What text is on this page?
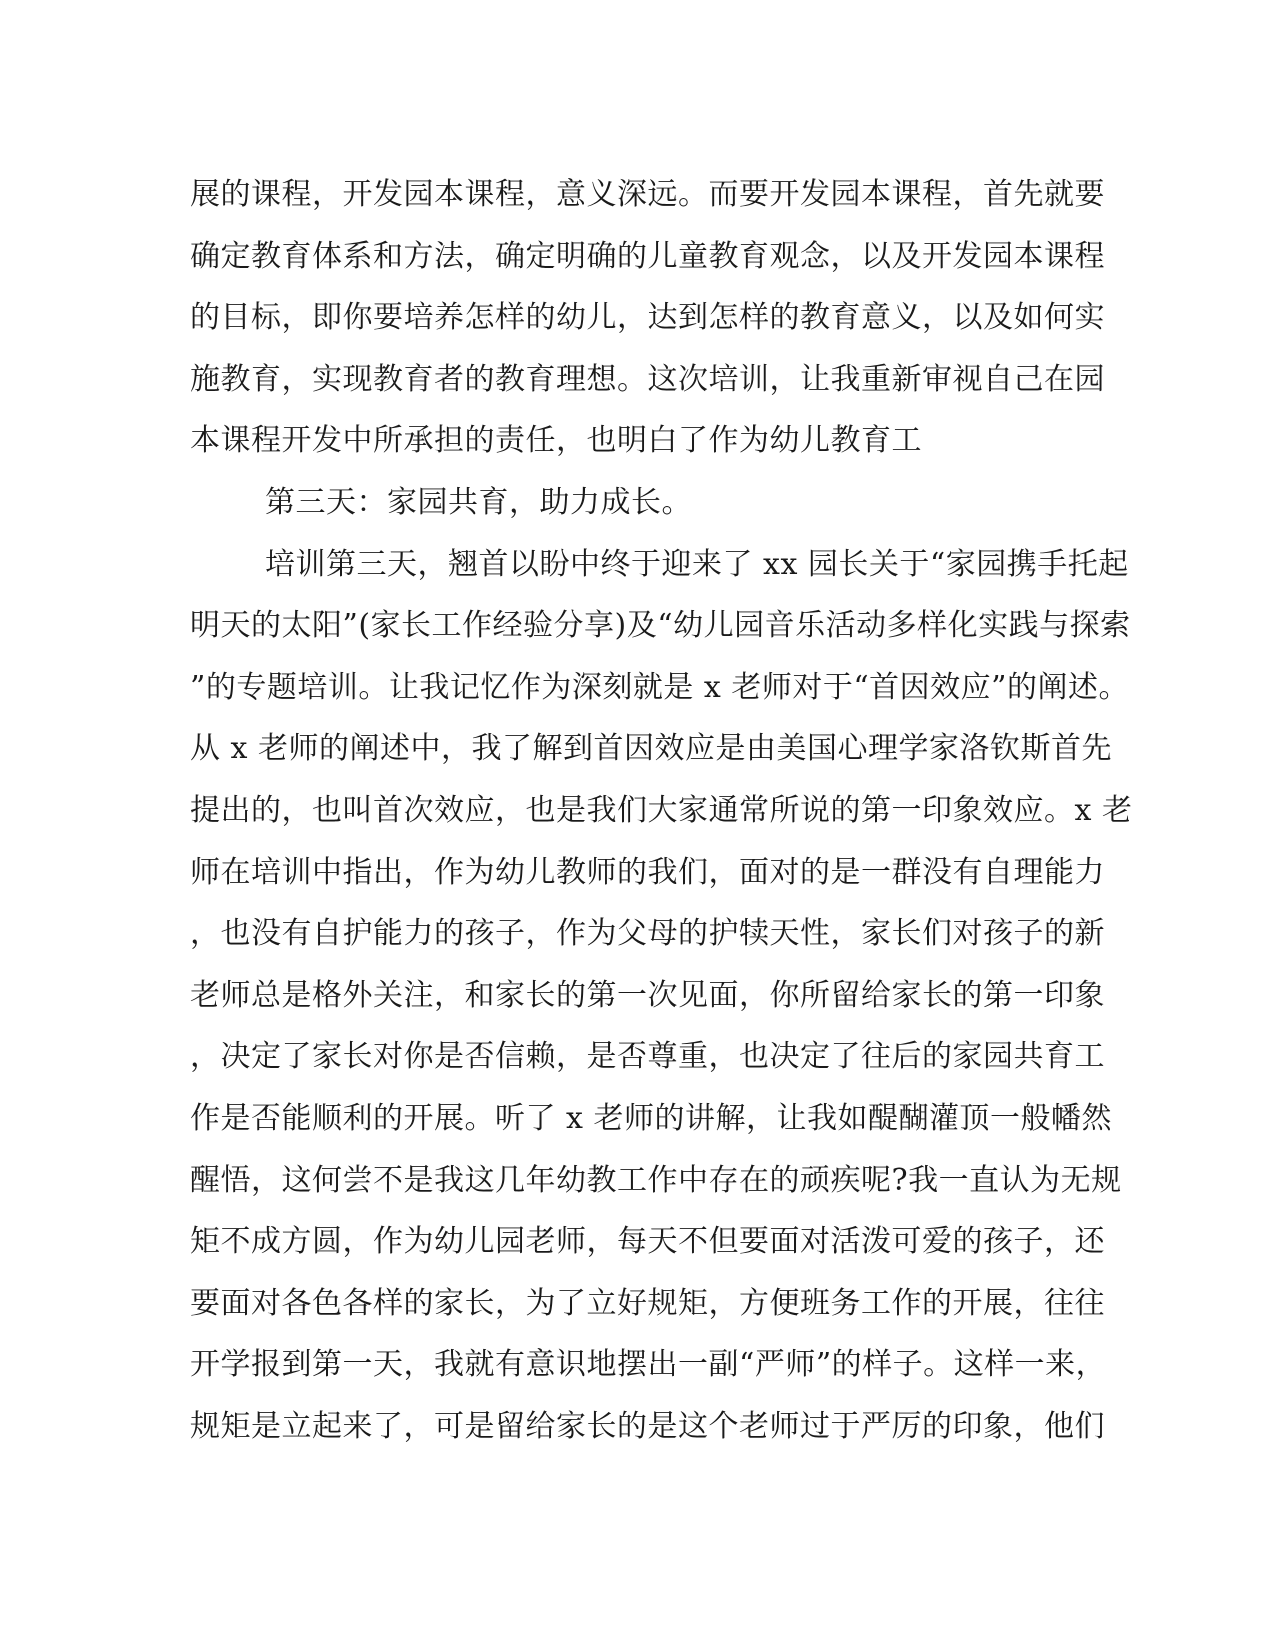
展的课程，开发园本课程，意义深远。而要开发园本课程，首先就要
确定教育体系和方法，确定明确的儿童教育观念，以及开发园本课程
的目标，即你要培养怎样的幼儿，达到怎样的教育意义，以及如何实
施教育，实现教育者的教育理想。这次培训，让我重新审视自己在园
本课程开发中所承担的责任，也明白了作为幼儿教育工
第三天：家园共育，助力成长。
培训第三天，翘首以盼中终于迎来了 xx 园长关于“家园携手托起
明天的太阳”(家长工作经验分享)及“幼儿园音乐活动多样化实践与探索
”的专题培训。让我记忆作为深刻就是 x 老师对于“首因效应”的阐述。
从 x 老师的阐述中，我了解到首因效应是由美国心理学家洛钦斯首先
提出的，也叫首次效应，也是我们大家通常所说的第一印象效应。x 老
师在培训中指出，作为幼儿教师的我们，面对的是一群没有自理能力
，也没有自护能力的孩子，作为父母的护犊天性，家长们对孩子的新
老师总是格外关注，和家长的第一次见面，你所留给家长的第一印象
，决定了家长对你是否信赖，是否尊重，也决定了往后的家园共育工
作是否能顺利的开展。听了 x 老师的讲解，让我如醍醐灌顶一般幡然
醒悟，这何尝不是我这几年幼教工作中存在的顽疾呢?我一直认为无规
矩不成方圆，作为幼儿园老师，每天不但要面对活泼可爱的孩子，还
要面对各色各样的家长，为了立好规矩，方便班务工作的开展，往往
开学报到第一天，我就有意识地摆出一副“严师”的样子。这样一来，
规矩是立起来了，可是留给家长的是这个老师过于严厉的印象，他们
